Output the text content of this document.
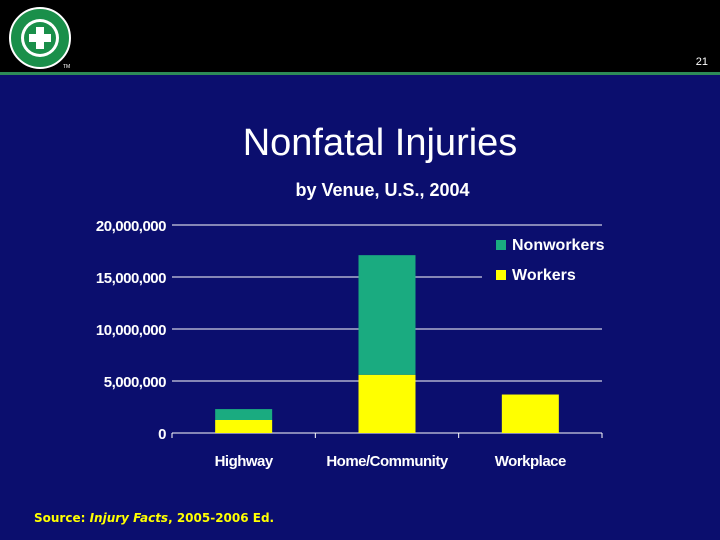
TM	21
Nonfatal Injuries
by Venue, U.S., 2004
0
5,000,000
10,000,000
15,000,000
20,000,000
Highway	Home/Community	Workplace
Nonworkers
Workers
Source: Injury Facts, 2005-2006 Ed.
